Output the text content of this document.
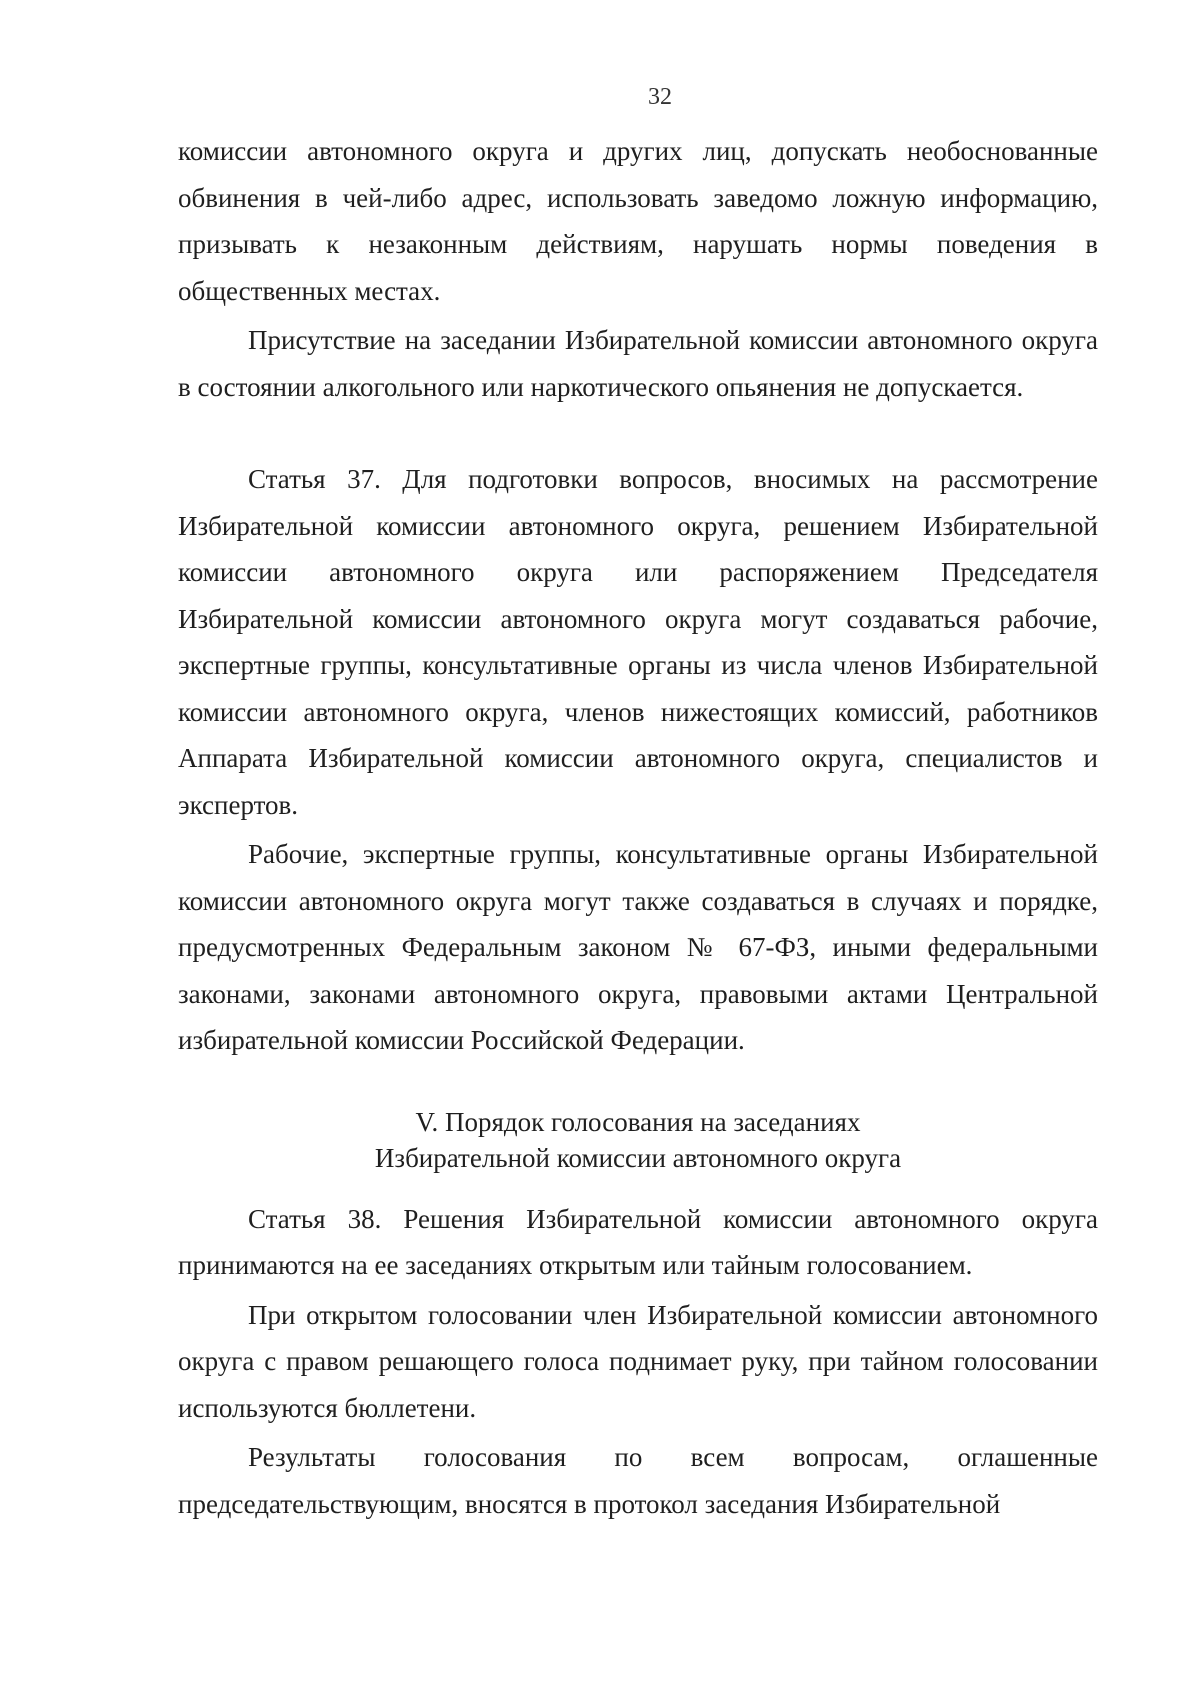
32

комиссии автономного округа и других лиц, допускать необоснованные обвинения в чей-либо адрес, использовать заведомо ложную информацию, призывать к незаконным действиям, нарушать нормы поведения в общественных местах.

Присутствие на заседании Избирательной комиссии автономного округа в состоянии алкогольного или наркотического опьянения не допускается.

Статья 37. Для подготовки вопросов, вносимых на рассмотрение Избирательной комиссии автономного округа, решением Избирательной комиссии автономного округа или распоряжением Председателя Избирательной комиссии автономного округа могут создаваться рабочие, экспертные группы, консультативные органы из числа членов Избирательной комиссии автономного округа, членов нижестоящих комиссий, работников Аппарата Избирательной комиссии автономного округа, специалистов и экспертов.

Рабочие, экспертные группы, консультативные органы Избирательной комиссии автономного округа могут также создаваться в случаях и порядке, предусмотренных Федеральным законом № 67-ФЗ, иными федеральными законами, законами автономного округа, правовыми актами Центральной избирательной комиссии Российской Федерации.

V. Порядок голосования на заседаниях
Избирательной комиссии автономного округа

Статья 38. Решения Избирательной комиссии автономного округа принимаются на ее заседаниях открытым или тайным голосованием.

При открытом голосовании член Избирательной комиссии автономного округа с правом решающего голоса поднимает руку, при тайном голосовании используются бюллетени.

Результаты голосования по всем вопросам, оглашенные председательствующим, вносятся в протокол заседания Избирательной
